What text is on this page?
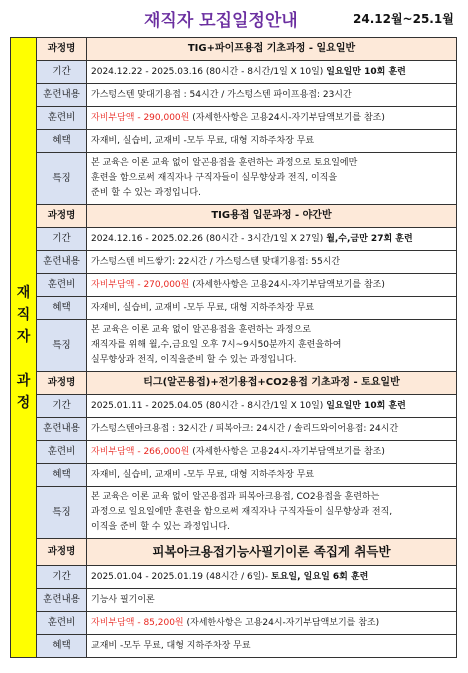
재직자 모집일정안내	24.12월~25.1월
재
직
자

과
정	과정명	TIG+파이프용접 기초과정 - 일요일반
	기간	2024.12.22 - 2025.03.16 (80시간 - 8시간/1일 X 10일) 일요일만 10회 훈련
	훈련내용	가스텅스텐 맞대기용접 : 54시간 / 가스텅스텐 파이프용접: 23시간
	훈련비	자비부담액 - 290,000원 (자세한사항은 고용24시-자기부담액보기를 참조)
	혜택	자재비, 실습비, 교재비 -모두 무료, 대형 지하주차장 무료
	특징	본 교육은 이론 교육 없이 알곤용접을 훈련하는 과정으로 토요일에만
훈련을 함으로써 재직자나 구직자들이 실무향상과 전직, 이직을
준비 할 수 있는 과정입니다.
	과정명	TIG용접 입문과정 - 야간반
	기간	2024.12.16 - 2025.02.26 (80시간 - 3시간/1일 X 27일) 월,수,금만 27회 훈련
	훈련내용	가스텅스텐 비드쌓기: 22시간 / 가스텅스텐 맞대기용접: 55시간
	훈련비	자비부담액 - 270,000원 (자세한사항은 고용24시-자기부담액보기를 참조)
	혜택	자재비, 실습비, 교재비 -모두 무료, 대형 지하주차장 무료
	특징	본 교육은 이론 교육 없이 알곤용접을 훈련하는 과정으로
재직자를 위해 월,수,금요일 오후 7시~9시50분까지 훈련을하여
실무향상과 전직, 이직을준비 할 수 있는 과정입니다.
	과정명	티그(알곤용접)+전기용접+CO2용접 기초과정 - 토요일반
	기간	2025.01.11 - 2025.04.05 (80시간 - 8시간/1일 X 10일) 일요일만 10회 훈련
	훈련내용	가스텅스텐아크용접 : 32시간 / 피복아크: 24시간 / 솔리드와이어용접: 24시간
	훈련비	자비부담액 - 266,000원 (자세한사항은 고용24시-자기부담액보기를 참조)
	혜택	자재비, 실습비, 교재비 -모두 무료, 대형 지하주차장 무료
	특징	본 교육은 이론 교육 없이 알곤용접과 피복아크용접, CO2용접을 훈련하는
과정으로 일요일에만 훈련을 함으로써 재직자나 구직자들이 실무향상과 전직,
이직을 준비 할 수 있는 과정입니다.
	과정명	피복아크용접기능사필기이론 족집게 취득반
	기간	2025.01.04 - 2025.01.19 (48시간 / 6일)- 토요일, 일요일 6회 훈련
	훈련내용	기능사 필기이론
	훈련비	자비부담액 - 85,200원 (자세한사항은 고용24시-자기부담액보기를 참조)
	혜택	교재비 -모두 무료, 대형 지하주차장 무료
